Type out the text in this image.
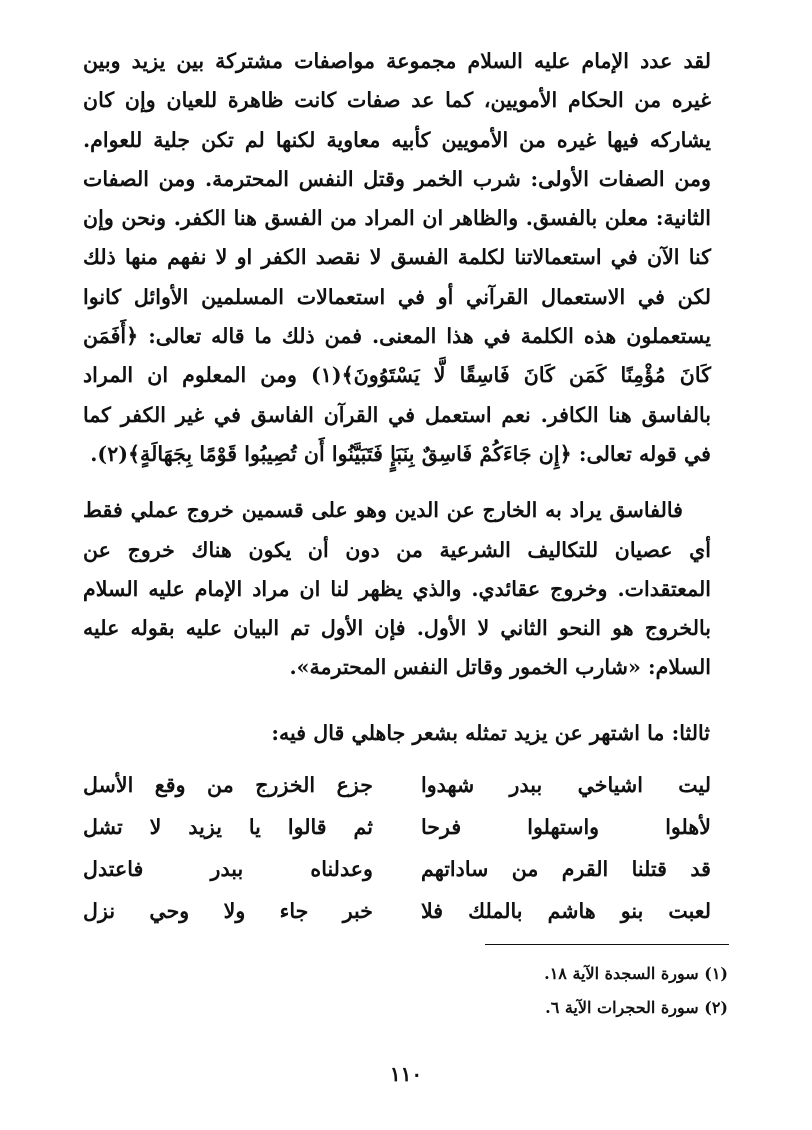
لقد عدد الإمام عليه السلام مجموعة مواصفات مشتركة بين يزيد وبين غيره من الحكام الأمويين، كما عد صفات كانت ظاهرة للعيان وإن كان يشاركه فيها غيره من الأمويين كأبيه معاوية لكنها لم تكن جلية للعوام. ومن الصفات الأولى: شرب الخمر وقتل النفس المحترمة. ومن الصفات الثانية: معلن بالفسق. والظاهر ان المراد من الفسق هنا الكفر. ونحن وإن كنا الآن في استعمالاتنا لكلمة الفسق لا نقصد الكفر او لا نفهم منها ذلك لكن في الاستعمال القرآني أو في استعمالات المسلمين الأوائل كانوا يستعملون هذه الكلمة في هذا المعنى. فمن ذلك ما قاله تعالى: ﴿أَفَمَن كَانَ مُؤْمِنًا كَمَن كَانَ فَاسِقًا لَّا يَسْتَوُونَ﴾(١) ومن المعلوم ان المراد بالفاسق هنا الكافر. نعم استعمل في القرآن الفاسق في غير الكفر كما في قوله تعالى: ﴿إِن جَاءَكُمْ فَاسِقٌ بِنَبَإٍ فَتَبَيَّنُوا أَن تُصِيبُوا قَوْمًا بِجَهَالَةٍ﴾(٢).

فالفاسق يراد به الخارج عن الدين وهو على قسمين خروج عملي فقط أي عصيان للتكاليف الشرعية من دون أن يكون هناك خروج عن المعتقدات. وخروج عقائدي. والذي يظهر لنا ان مراد الإمام عليه السلام بالخروج هو النحو الثاني لا الأول. فإن الأول تم البيان عليه بقوله عليه السلام: «شارب الخمور وقاتل النفس المحترمة».

ثالثا: ما اشتهر عن يزيد تمثله بشعر جاهلي قال فيه:
ليت اشياخي ببدر شهدوا
جزع الخزرج من وقع الأسل
لأهلوا واستهلوا فرحا
ثم قالوا يا يزيد لا تشل
قد قتلنا القرم من ساداتهم
وعدلناه ببدر فاعتدل
لعبت بنو هاشم بالملك فلا
خبر جاء ولا وحي نزل
(١) سورة السجدة الآية ١٨.
(٢) سورة الحجرات الآية ٦.
١١٠
